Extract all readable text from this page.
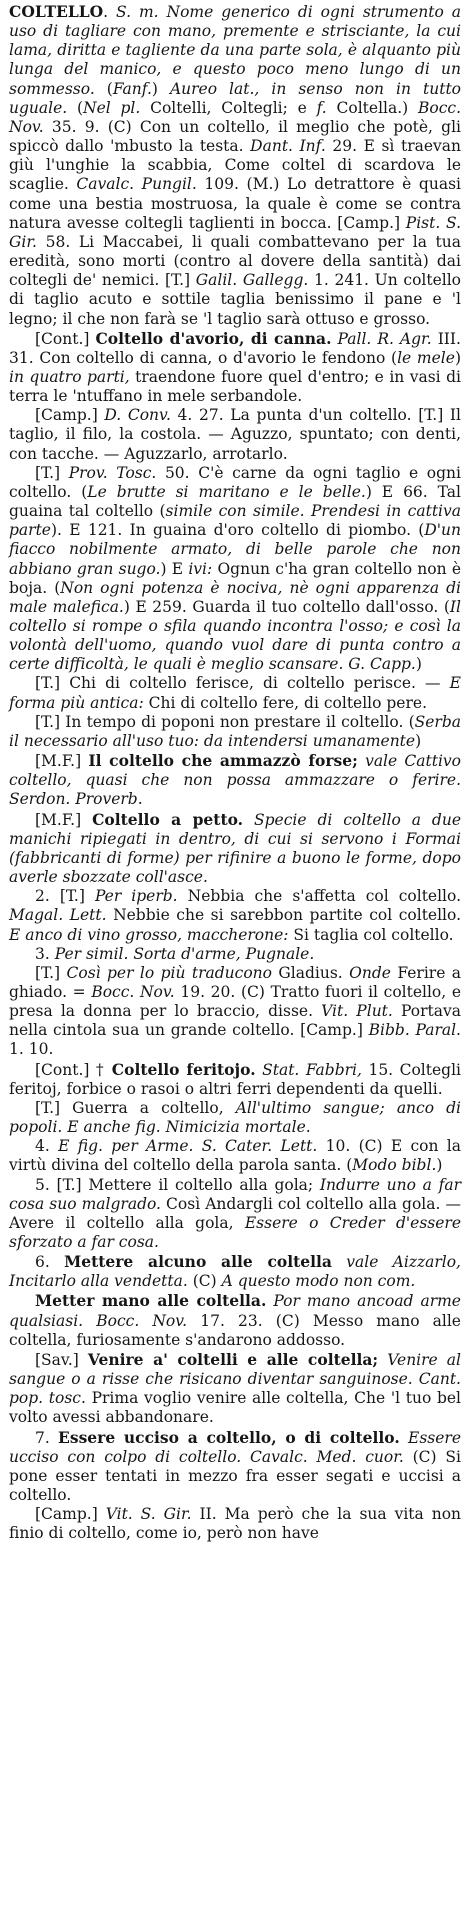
COLTELLO. S. m. Nome generico di ogni strumento a uso di tagliare con mano, premente e strisciante, la cui lama, diritta e tagliente da una parte sola, è alquanto più lunga del manico, e questo poco meno lungo di un sommesso. (Fanf.) Aureo lat., in senso non in tutto uguale. (Nel pl. Coltelli, Coltegli; e f. Coltella.) Bocc. Nov. 35. 9. (C) Con un coltello, il meglio che potè, gli spiccò dallo 'mbusto la testa. Dant. Inf. 29. E sì traevan giù l'unghie la scabbia, Come coltel di scardova le scaglie. Cavalc. Pungil. 109. (M.) Lo detrattore è quasi come una bestia mostruosa, la quale è come se contra natura avesse coltegli taglienti in bocca. [Camp.] Pist. S. Gir. 58. Li Maccabei, li quali combattevano per la tua eredità, sono morti (contro al dovere della santità) dai coltegli de' nemici. [T.] Galil. Gallegg. 1. 241. Un coltello di taglio acuto e sottile taglia benissimo il pane e 'l legno; il che non farà se 'l taglio sarà ottuso e grosso.

[Cont.] Coltello d'avorio, di canna. Pall. R. Agr. III. 31. Con coltello di canna, o d'avorio le fendono (le mele) in quatro parti, traendone fuore quel d'entro; e in vasi di terra le 'ntuffano in mele serbandole.

[Camp.] D. Conv. 4. 27. La punta d'un coltello. [T.] Il taglio, il filo, la costola. — Aguzzo, spuntato; con denti, con tacche. — Aguzzarlo, arrotarlo.

[T.] Prov. Tosc. 50. C'è carne da ogni taglio e ogni coltello. (Le brutte si maritano e le belle.) E 66. Tal guaina tal coltello (simile con simile. Prendesi in cattiva parte). E 121. In guaina d'oro coltello di piombo. (D'un fiacco nobilmente armato, di belle parole che non abbiano gran sugo.) E ivi: Ognun c'ha gran coltello non è boja. (Non ogni potenza è nociva, nè ogni apparenza di male malefica.) E 259. Guarda il tuo coltello dall'osso. (Il coltello si rompe o sfila quando incontra l'osso; e così la volontà dell'uomo, quando vuol dare di punta contro a certe difficoltà, le quali è meglio scansare. G. Capp.)

[T.] Chi di coltello ferisce, di coltello perisce. — E forma più antica: Chi di coltello fere, di coltello pere.

[T.] In tempo di poponi non prestare il coltello. (Serba il necessario all'uso tuo: da intendersi umanamente)

[M.F.] Il coltello che ammazzò forse; vale Cattivo coltello, quasi che non possa ammazzare o ferire. Serdon. Proverb.

[M.F.] Coltello a petto. Specie di coltello a due manichi ripiegati in dentro, di cui si servono i Formai (fabbricanti di forme) per rifinire a buono le forme, dopo averle sbozzate coll'asce.

2. [T.] Per iperb. Nebbia che s'affetta col coltello. Magal. Lett. Nebbie che si sarebbon partite col coltello. E anco di vino grosso, maccherone: Si taglia col coltello.

3. Per simil. Sorta d'arme, Pugnale.

[T.] Così per lo più traducono Gladius. Onde Ferire a ghiado. = Bocc. Nov. 19. 20. (C) Tratto fuori il coltello, e presa la donna per lo braccio, disse. Vit. Plut. Portava nella cintola sua un grande coltello. [Camp.] Bibb. Paral. 1. 10.

[Cont.] † Coltello feritojo. Stat. Fabbri, 15. Coltegli feritoj, forbice o rasoi o altri ferri dependenti da quelli.

[T.] Guerra a coltello, All'ultimo sangue; anco di popoli. E anche fig. Nimicizia mortale.

4. E fig. per Arme. S. Cater. Lett. 10. (C) E con la virtù divina del coltello della parola santa. (Modo bibl.)

5. [T.] Mettere il coltello alla gola; Indurre uno a far cosa suo malgrado. Così Andargli col coltello alla gola. — Avere il coltello alla gola, Essere o Creder d'essere sforzato a far cosa.

6. Mettere alcuno alle coltella vale Aizzarlo, Incitarlo alla vendetta. (C) A questo modo non com.

Metter mano alle coltella. Por mano ancoad arme qualsiasi. Bocc. Nov. 17. 23. (C) Messo mano alle coltella, furiosamente s'andarono addosso.

[Sav.] Venire a' coltelli e alle coltella; Venire al sangue o a risse che risicano diventar sanguinose. Cant. pop. tosc. Prima voglio venire alle coltella, Che 'l tuo bel volto avessi abbandonare.

7. Essere ucciso a coltello, o di coltello. Essere ucciso con colpo di coltello. Cavalc. Med. cuor. (C) Si pone esser tentati in mezzo fra esser segati e uccisi a coltello.

[Camp.] Vit. S. Gir. II. Ma però che la sua vita non finio di coltello, come io, però non have
